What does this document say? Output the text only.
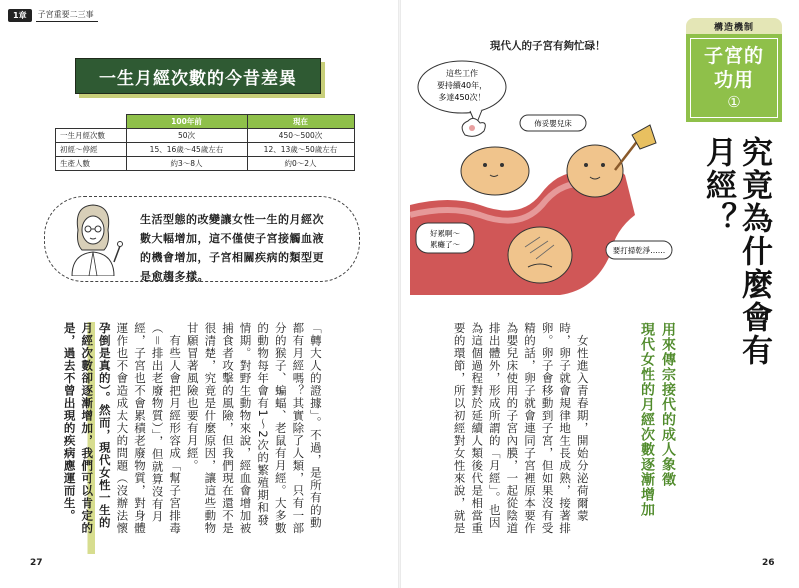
1章	子宮重要二三事
一生月經次數的今昔差異
	100年前	現在
一生月經次數	50次	450〜500次
初經〜停經	15、16歲〜45歲左右	12、13歲〜50歲左右
生產人數	約3〜8人	約0〜2人
生活型態的改變讓女性一生的月經次
數大幅增加，這不僅使子宮接觸血液
的機會增加，子宮相關疾病的類型更
是愈趨多樣。
「轉大人的證據」。不過，是所有的動
都有月經嗎？其實除了人類，只有一部
分的猴子、蝙蝠、老鼠有月經。大多數
的動物每年會有1〜2次的繁殖期和發
情期。對野生動物來說，經血會增加被
捕食者攻擊的風險，但我們現在還不是
很清楚，究竟是什麼原因，讓這些動物
甘願冒著風險也要有月經。
　有些人會把月經形容成「幫子宮排毒
（＝排出老廢物質）」，但就算沒有月
經，子宮也不會累積老廢物質，對身體
運作也不會造成太大的問題（沒辦法懷
孕倒是真的）。然而，現代女性一生的
月經次數卻逐漸增加，我們可以肯定的
是，過去不曾出現的疾病應運而生。
27
現代人的子宮有夠忙碌！
這些工作
要持續40年，
多達450次！
佈妥嬰兒床
好累啊〜
累癱了〜
要打掃乾淨……
構造機制
子宮的
功用
①
究竟為什麼會有
月經？
用來傳宗接代的成人象徵
現代女性的月經次數逐漸增加
　女性進入青春期，開始分泌荷爾蒙
時，卵子就會規律地生長成熟，接著排
卵。卵子會移動到子宮，但如果沒有受
精的話，卵子就會連同子宮裡原本要作
為嬰兒床使用的子宮內膜，一起從陰道
排出體外，形成所謂的「月經」。也因
為這個過程對於延續人類後代是相當重
要的環節，所以初經對女性來說，就是
26
